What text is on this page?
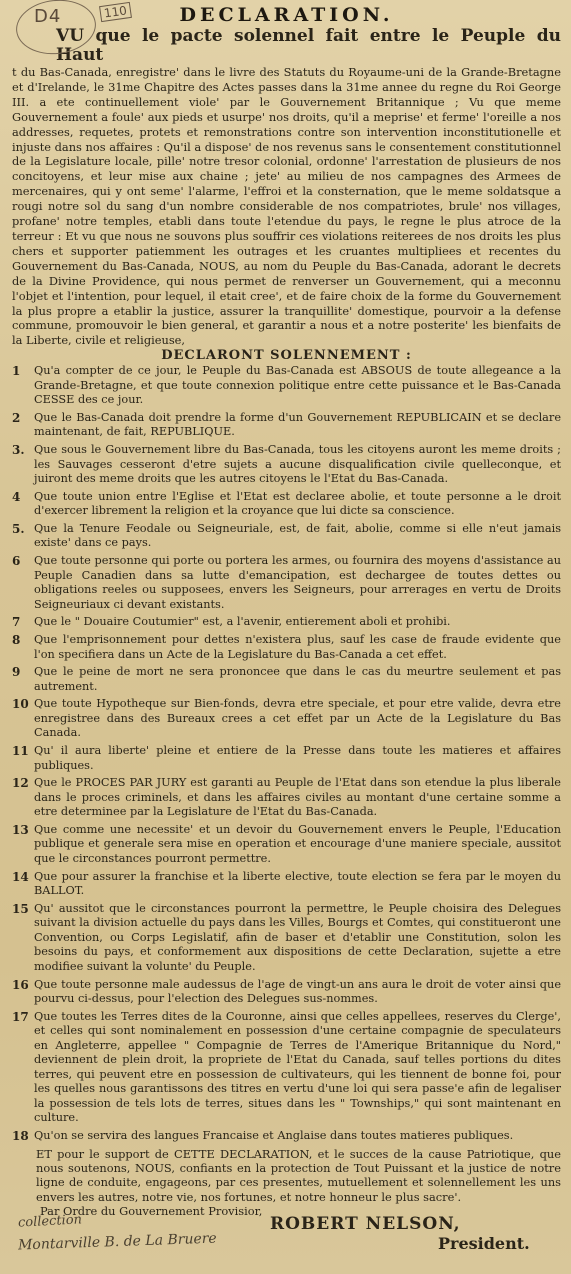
D4	110	DECLARATION.

VU que le pacte solennel fait entre le Peuple du Haut

t du Bas-Canada, enregistre' dans le livre des Statuts du Royaume-uni de la Grande-Bretagne et d'Irelande, le 31me Chapitre des Actes passes dans la 31me annee du regne du Roi George III. a ete continuellement viole' par le Gouvernement Britannique ; Vu que meme Gouvernement a foule' aux pieds et usurpe' nos droits, qu'il a meprise' et ferme' l'oreille a nos addresses, requetes, protets et remonstrations contre son intervention inconstitutionelle et injuste dans nos affaires : Qu'il a dispose' de nos revenus sans le consentement constitutionnel de la Legislature locale, pille' notre tresor colonial, ordonne' l'arrestation de plusieurs de nos concitoyens, et leur mise aux chaine ; jete' au milieu de nos campagnes des Armees de mercenaires, qui y ont seme' l'alarme, l'effroi et la consternation, que le meme soldatsque a rougi notre sol du sang d'un nombre considerable de nos compatriotes, brule' nos villages, profane' notre temples, etabli dans toute l'etendue du pays, le regne le plus atroce de la terreur : Et vu que nous ne souvons plus souffrir ces violations reiterees de nos droits les plus chers et supporter patiemment les outrages et les cruantes multipliees et recentes du Gouvernement du Bas-Canada, NOUS, au nom du Peuple du Bas-Canada, adorant le decrets de la Divine Providence, qui nous permet de renverser un Gouvernement, qui a meconnu l'objet et l'intention, pour lequel, il etait cree', et de faire choix de la forme du Gouvernement la plus propre a etablir la justice, assurer la tranquillite' domestique, pourvoir a la defense commune, promouvoir le bien general, et garantir a nous et a notre posterite' les bienfaits de la Liberte, civile et religieuse,

DECLARONT SOLENNEMENT :

1	Qu'a compter de ce jour, le Peuple du Bas-Canada est ABSOUS de toute allegeance a la Grande-Bretagne, et que toute connexion politique entre cette puissance et le Bas-Canada CESSE des ce jour.
2	Que le Bas-Canada doit prendre la forme d'un Gouvernement REPUBLICAIN et se declare maintenant, de fait, REPUBLIQUE.
3. Que sous le Gouvernement libre du Bas-Canada, tous les citoyens auront les meme droits ; les Sauvages cesseront d'etre sujets a aucune disqualification civile quelleconque, et juiront des meme droits que les autres citoyens le l'Etat du Bas-Canada.
4	Que toute union entre l'Eglise et l'Etat est declaree abolie, et toute personne a le droit d'exercer librement la religion et la croyance que lui dicte sa conscience.
5. Que la Tenure Feodale ou Seigneuriale, est, de fait, abolie, comme si elle n'eut jamais existe' dans ce pays.
6	Que toute personne qui porte ou portera les armes, ou fournira des moyens d'assistance au Peuple Canadien dans sa lutte d'emancipation, est dechargee de toutes dettes ou obligations reeles ou supposees, envers les Seigneurs, pour arrerages en vertu de Droits Seigneuriaux ci devant existants.
7	Que le " Douaire Coutumier" est, a l'avenir, entierement aboli et prohibi.
8	Que l'emprisonnement pour dettes n'existera plus, sauf les case de fraude evidente que l'on specifiera dans un Acte de la Legislature du Bas-Canada a cet effet.
9	Que le peine de mort ne sera prononcee que dans le cas du meurtre seulement et pas autrement.
10 Que toute Hypotheque sur Bien-fonds, devra etre speciale, et pour etre valide, devra etre enregistree dans des Bureaux crees a cet effet par un Acte de la Legislature du Bas Canada.
11 Qu' il aura liberte' pleine et entiere de la Presse dans toute les matieres et affaires publiques.
12 Que le PROCES PAR JURY est garanti au Peuple de l'Etat dans son etendue la plus liberale dans le proces criminels, et dans les affaires civiles au montant d'une certaine somme a etre determinee par la Legislature de l'Etat du Bas-Canada.
13 Que comme une necessite' et un devoir du Gouvernement envers le Peuple, l'Education publique et generale sera mise en operation et encourage d'une maniere speciale, aussitot que le circonstances pourront permettre.
14 Que pour assurer la franchise et la liberte elective, toute election se fera par le moyen du BALLOT.
15 Qu' aussitot que le circonstances pourront la permettre, le Peuple choisira des Delegues suivant la division actuelle du pays dans les Villes, Bourgs et Comtes, qui constitueront une Convention, ou Corps Legislatif, afin de baser et d'etablir une Constitution, solon les besoins du pays, et conformement aux dispositions de cette Declaration, sujette a etre modifiee suivant la volunte' du Peuple.
16 Que toute personne male audessus de l'age de vingt-un ans aura le droit de voter ainsi que pourvu ci-dessus, pour l'election des Delegues sus-nommes.
17 Que toutes les Terres dites de la Couronne, ainsi que celles appellees, reserves du Clerge', et celles qui sont nominalement en possession d'une certaine compagnie de speculateurs en Angleterre, appellee " Compagnie de Terres de l'Amerique Britannique du Nord," deviennent de plein droit, la propriete de l'Etat du Canada, sauf telles portions du dites terres, qui peuvent etre en possession de cultivateurs, qui les tiennent de bonne foi, pour les quelles nous garantissons des titres en vertu d'une loi qui sera passe'e afin de legaliser la possession de tels lots de terres, situes dans les " Townships," qui sont maintenant en culture.
18 Qu'on se servira des langues Francaise et Anglaise dans toutes matieres publiques.

ET pour le support de CETTE DECLARATION, et le succes de la cause Patriotique, que nous soutenons, NOUS, confiants en la protection de Tout Puissant et la justice de notre ligne de conduite, engageons, par ces presentes, mutuellement et solennellement les uns envers les autres, notre vie, nos fortunes, et notre honneur le plus sacre'.

Par Ordre du Gouvernement Provisior,
ROBERT NELSON,
President.
collection
Montarville B. de La Bruere
